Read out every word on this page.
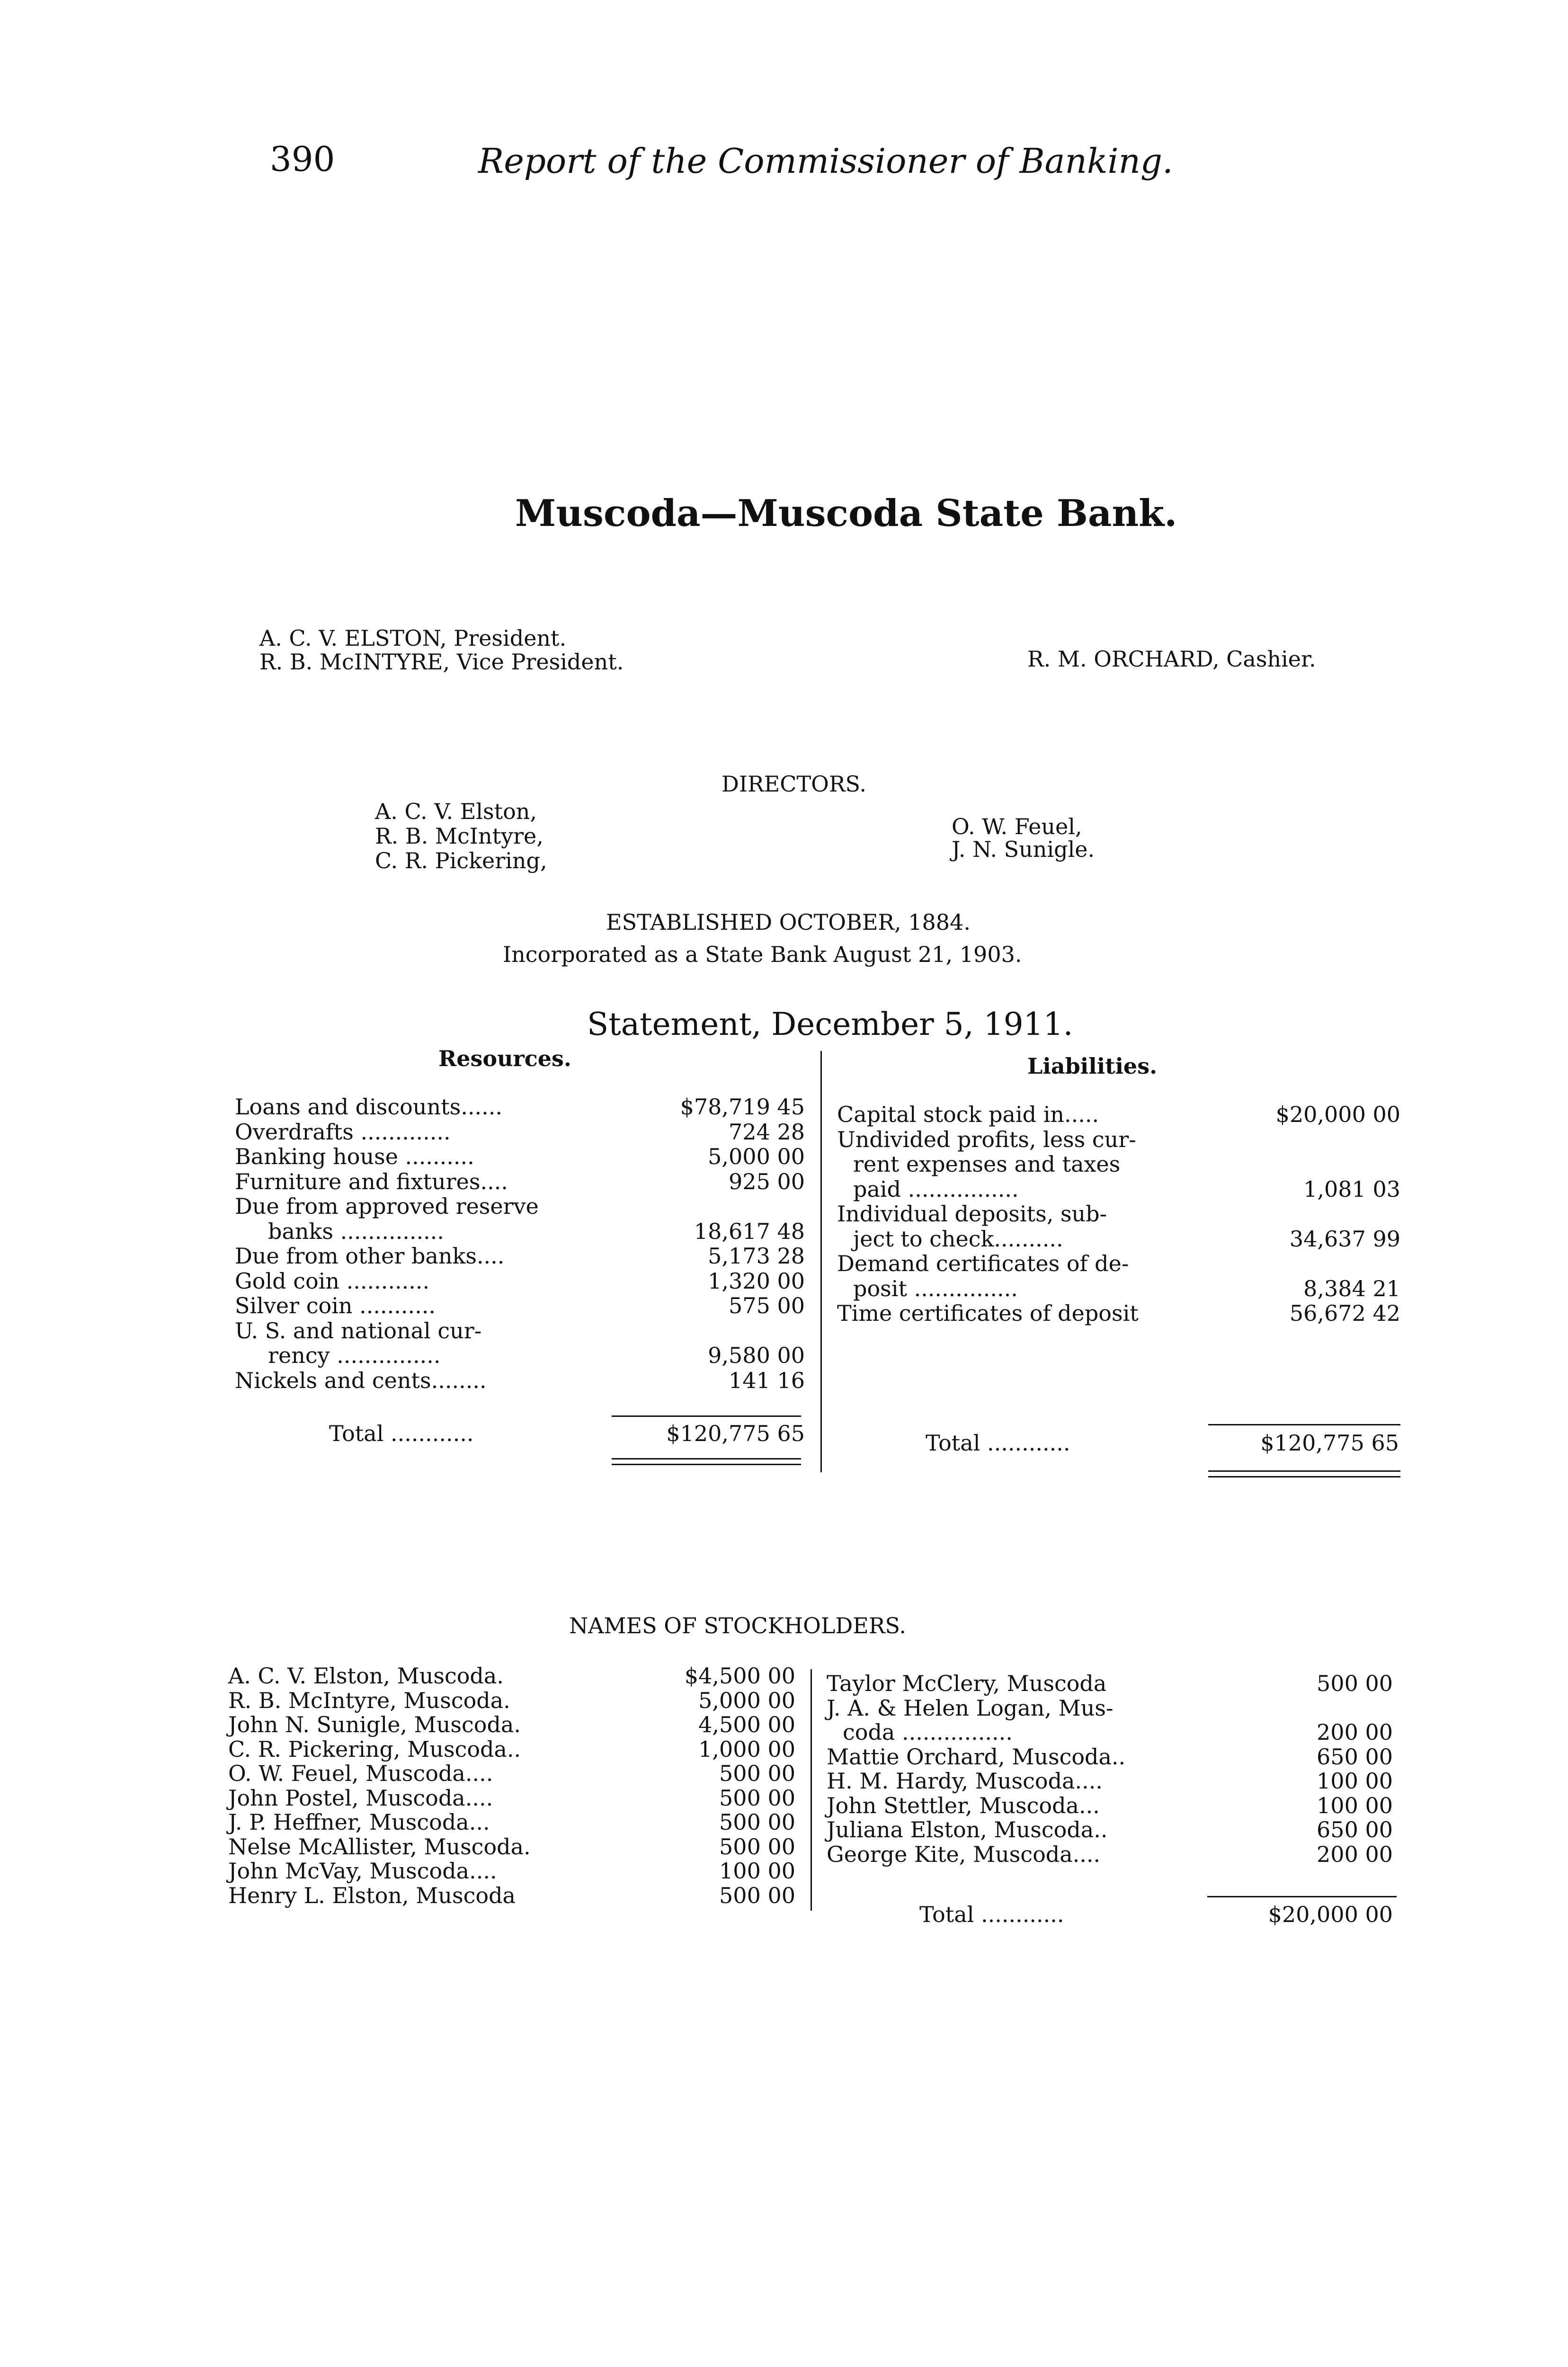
390	Report of the Commissioner of Banking.
Muscoda—Muscoda State Bank.
A. C. V. ELSTON, President.
R. B. McINTYRE, Vice President.	R. M. ORCHARD, Cashier.
DIRECTORS.
A. C. V. Elston,
R. B. McIntyre,
C. R. Pickering,
O. W. Feuel,
J. N. Sunigle.
ESTABLISHED OCTOBER, 1884.
Incorporated as a State Bank August 21, 1903.
Statement, December 5, 1911.
Resources.	Liabilities.
Loans and discounts......	$78,719 45
Overdrafts .............	724 28
Banking house ..........	5,000 00
Furniture and fixtures....	925 00
Due from approved reserve
banks ...............	18,617 48
Due from other banks....	5,173 28
Gold coin ............	1,320 00
Silver coin ...........	575 00
U. S. and national cur-
rency ...............	9,580 00
Nickels and cents........	141 16
Total ............	$120,775 65
Capital stock paid in.....	$20,000 00
Undivided profits, less cur-
rent expenses and taxes
paid ................	1,081 03
Individual deposits, sub-
ject to check..........	34,637 99
Demand certificates of de-
posit ...............	8,384 21
Time certificates of deposit	56,672 42
Total ............	$120,775 65
NAMES OF STOCKHOLDERS.
A. C. V. Elston, Muscoda.	$4,500 00
R. B. McIntyre, Muscoda.	5,000 00
John N. Sunigle, Muscoda.	4,500 00
C. R. Pickering, Muscoda..	1,000 00
O. W. Feuel, Muscoda....	500 00
John Postel, Muscoda....	500 00
J. P. Heffner, Muscoda...	500 00
Nelse McAllister, Muscoda.	500 00
John McVay, Muscoda....	100 00
Henry L. Elston, Muscoda	500 00
Taylor McClery, Muscoda	500 00
J. A. & Helen Logan, Mus-
coda ................	200 00
Mattie Orchard, Muscoda..	650 00
H. M. Hardy, Muscoda....	100 00
John Stettler, Muscoda...	100 00
Juliana Elston, Muscoda..	650 00
George Kite, Muscoda....	200 00
Total ............	$20,000 00
